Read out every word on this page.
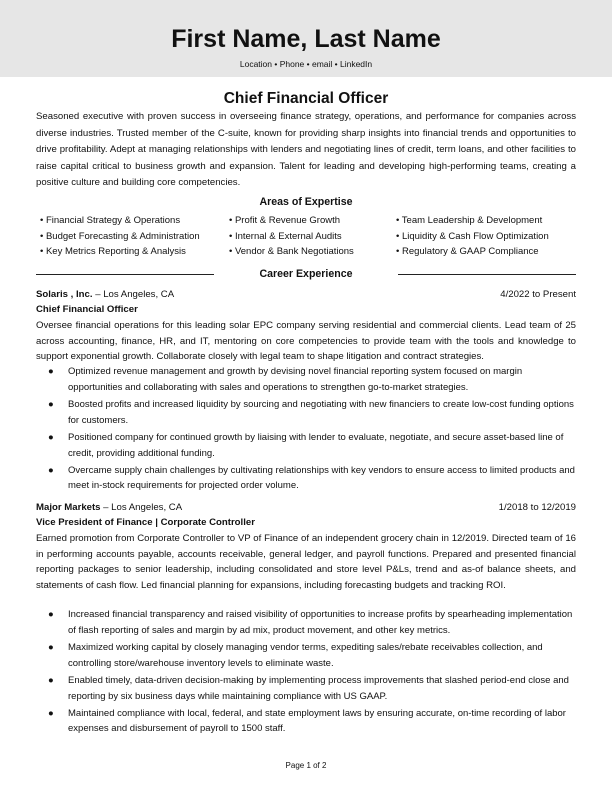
First Name, Last Name
Location • Phone • email • LinkedIn
Chief Financial Officer
Seasoned executive with proven success in overseeing finance strategy, operations, and performance for companies across diverse industries. Trusted member of the C-suite, known for providing sharp insights into financial trends and opportunities to drive profitability. Adept at managing relationships with lenders and negotiating lines of credit, term loans, and other facilities to raise capital critical to business growth and expansion. Talent for leading and developing high-performing teams, creating a positive culture and building core competencies.
Areas of Expertise
• Financial Strategy & Operations
• Budget Forecasting & Administration
• Key Metrics Reporting & Analysis
• Profit & Revenue Growth
• Internal & External Audits
• Vendor & Bank Negotiations
• Team Leadership & Development
• Liquidity & Cash Flow Optimization
• Regulatory & GAAP Compliance
Career Experience
Solaris , Inc. – Los Angeles, CA	4/2022 to Present
Chief Financial Officer
Oversee financial operations for this leading solar EPC company serving residential and commercial clients. Lead team of 25 across accounting, finance, HR, and IT, mentoring on core competencies to provide team with the tools and knowledge to support exponential growth. Collaborate closely with legal team to shape litigation and contract strategies.
● Optimized revenue management and growth by devising novel financial reporting system focused on margin opportunities and collaborating with sales and operations to strengthen go-to-market strategies.
● Boosted profits and increased liquidity by sourcing and negotiating with new financiers to create low-cost funding options for customers.
● Positioned company for continued growth by liaising with lender to evaluate, negotiate, and secure asset-based line of credit, providing additional funding.
● Overcame supply chain challenges by cultivating relationships with key vendors to ensure access to limited products and meet in-stock requirements for projected order volume.
Major Markets – Los Angeles, CA	1/2018 to 12/2019
Vice President of Finance | Corporate Controller
Earned promotion from Corporate Controller to VP of Finance of an independent grocery chain in 12/2019. Directed team of 16 in performing accounts payable, accounts receivable, general ledger, and payroll functions. Prepared and presented financial reporting packages to senior leadership, including consolidated and store level P&Ls, trend and as-of balance sheets, and statements of cash flow. Led financial planning for expansions, including forecasting budgets and tracking ROI.
● Increased financial transparency and raised visibility of opportunities to increase profits by spearheading implementation of flash reporting of sales and margin by ad mix, product movement, and other key metrics.
● Maximized working capital by closely managing vendor terms, expediting sales/rebate receivables collection, and controlling store/warehouse inventory levels to eliminate waste.
● Enabled timely, data-driven decision-making by implementing process improvements that slashed period-end close and reporting by six business days while maintaining compliance with US GAAP.
● Maintained compliance with local, federal, and state employment laws by ensuring accurate, on-time recording of labor expenses and disbursement of payroll to 1500 staff.
Page 1 of 2
